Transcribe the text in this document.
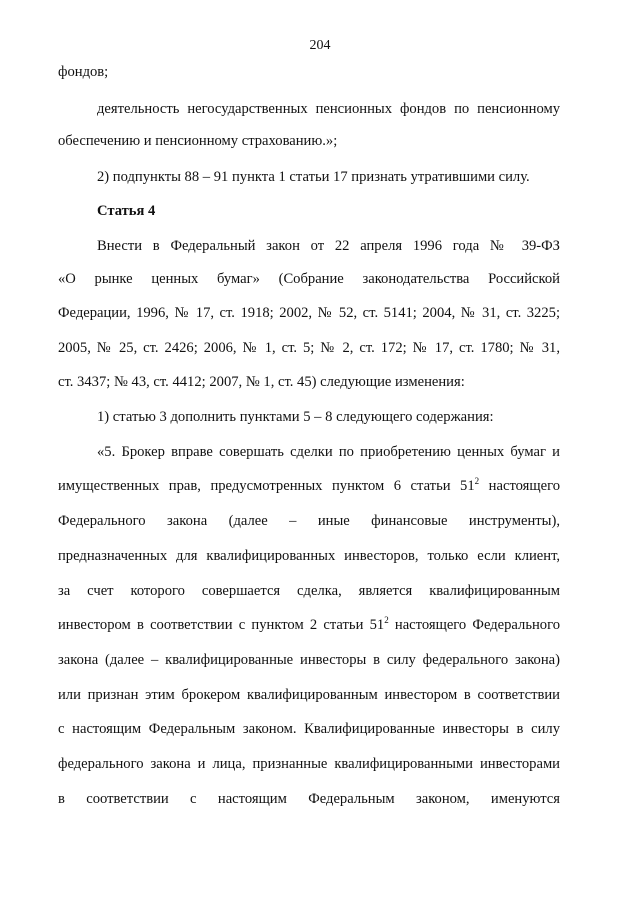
204
фондов;
деятельность негосударственных пенсионных фондов по пенсионному
обеспечению и пенсионному страхованию.»;
2) подпункты 88 – 91 пункта 1 статьи 17 признать утратившими силу.
Статья 4
Внести в Федеральный закон от 22 апреля 1996 года № 39-ФЗ
«О рынке ценных бумаг» (Собрание законодательства Российской
Федерации, 1996, № 17, ст. 1918; 2002, № 52, ст. 5141; 2004, № 31, ст. 3225;
2005, № 25, ст. 2426; 2006, № 1, ст. 5; № 2, ст. 172; № 17, ст. 1780; № 31,
ст. 3437; № 43, ст. 4412; 2007, № 1, ст. 45) следующие изменения:
1) статью 3 дополнить пунктами 5 – 8 следующего содержания:
«5. Брокер вправе совершать сделки по приобретению ценных бумаг и
имущественных прав, предусмотренных пунктом 6 статьи $51^2$ настоящего
Федерального закона (далее – иные финансовые инструменты),
предназначенных для квалифицированных инвесторов, только если клиент,
за счет которого совершается сделка, является квалифицированным
инвестором в соответствии с пунктом 2 статьи $51^2$ настоящего Федерального
закона (далее – квалифицированные инвесторы в силу федерального закона)
или признан этим брокером квалифицированным инвестором в соответствии
с настоящим Федеральным законом. Квалифицированные инвесторы в силу
федерального закона и лица, признанные квалифицированными инвесторами
в соответствии с настоящим Федеральным законом, именуются
